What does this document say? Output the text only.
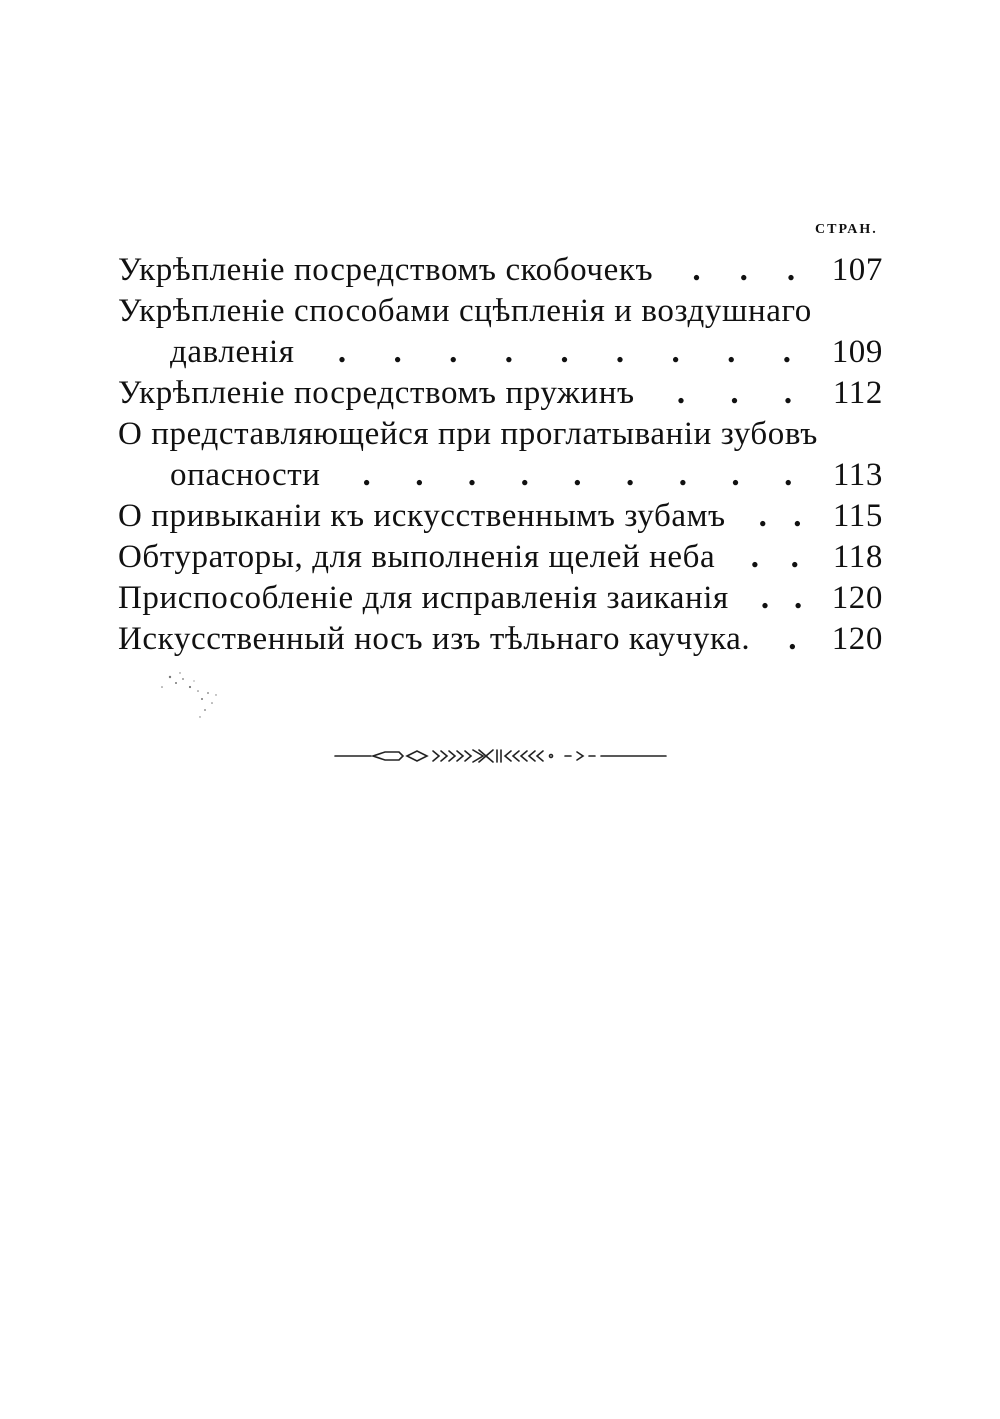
СТРАН.
Укрѣпленіе посредствомъ скобочекъ . . . 107
Укрѣпленіе способами сцѣпленія и воздушнаго
давленія . . . . . . . . . 109
Укрѣпленіе посредствомъ пружинъ . . . 112
О представляющейся при проглатываніи зубовъ
опасности . . . . . . . . . 113
О привыканіи къ искусственнымъ зубамъ . . 115
Обтураторы, для выполненія щелей неба . . 118
Приспособленіе для исправленія заиканія . . 120
Искусственный носъ изъ тѣльнаго каучука. . 120
